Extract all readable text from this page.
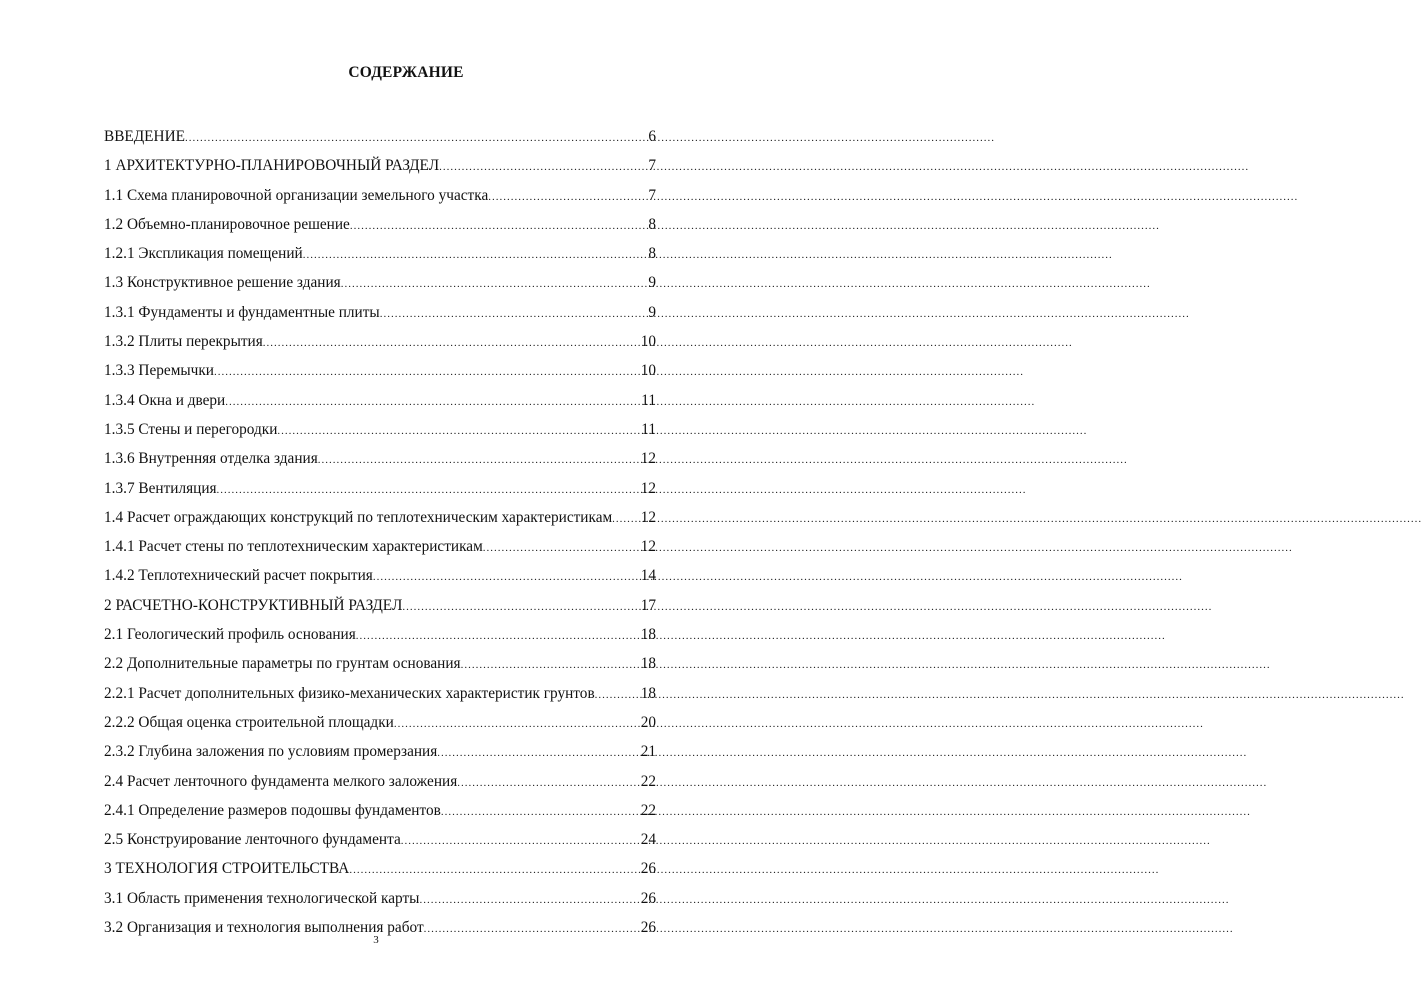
СОДЕРЖАНИЕ
ВВЕДЕНИЕ .....	6
1 АРХИТЕКТУРНО-ПЛАНИРОВОЧНЫЙ РАЗДЕЛ .....	7
1.1 Схема планировочной организации земельного участка .....	7
1.2 Объемно-планировочное решение .....	8
1.2.1 Экспликация помещений .....	8
1.3 Конструктивное решение здания .....	9
1.3.1 Фундаменты и фундаментные плиты .....	9
1.3.2 Плиты перекрытия .....	10
1.3.3 Перемычки .....	10
1.3.4 Окна и двери .....	11
1.3.5 Стены и перегородки .....	11
1.3.6 Внутренняя отделка здания .....	12
1.3.7 Вентиляция .....	12
1.4 Расчет ограждающих конструкций по теплотехническим характеристикам ..... 12
1.4.1 Расчет стены по теплотехническим характеристикам .....	12
1.4.2 Теплотехнический расчет покрытия .....	14
2 РАСЧЕТНО-КОНСТРУКТИВНЫЙ РАЗДЕЛ .....	17
2.1 Геологический профиль основания .....	18
2.2 Дополнительные параметры по грунтам основания .....	18
2.2.1 Расчет дополнительных физико-механических характеристик грунтов .....	18
2.2.2 Общая оценка строительной площадки .....	20
2.3.2 Глубина заложения по условиям промерзания .....	21
2.4 Расчет ленточного фундамента мелкого заложения .....	22
2.4.1 Определение размеров подошвы фундаментов .....	22
2.5 Конструирование ленточного фундамента .....	24
3 ТЕХНОЛОГИЯ СТРОИТЕЛЬСТВА .....	26
3.1 Область применения технологической карты .....	26
3.2 Организация и технология выполнения работ .....	26
3
